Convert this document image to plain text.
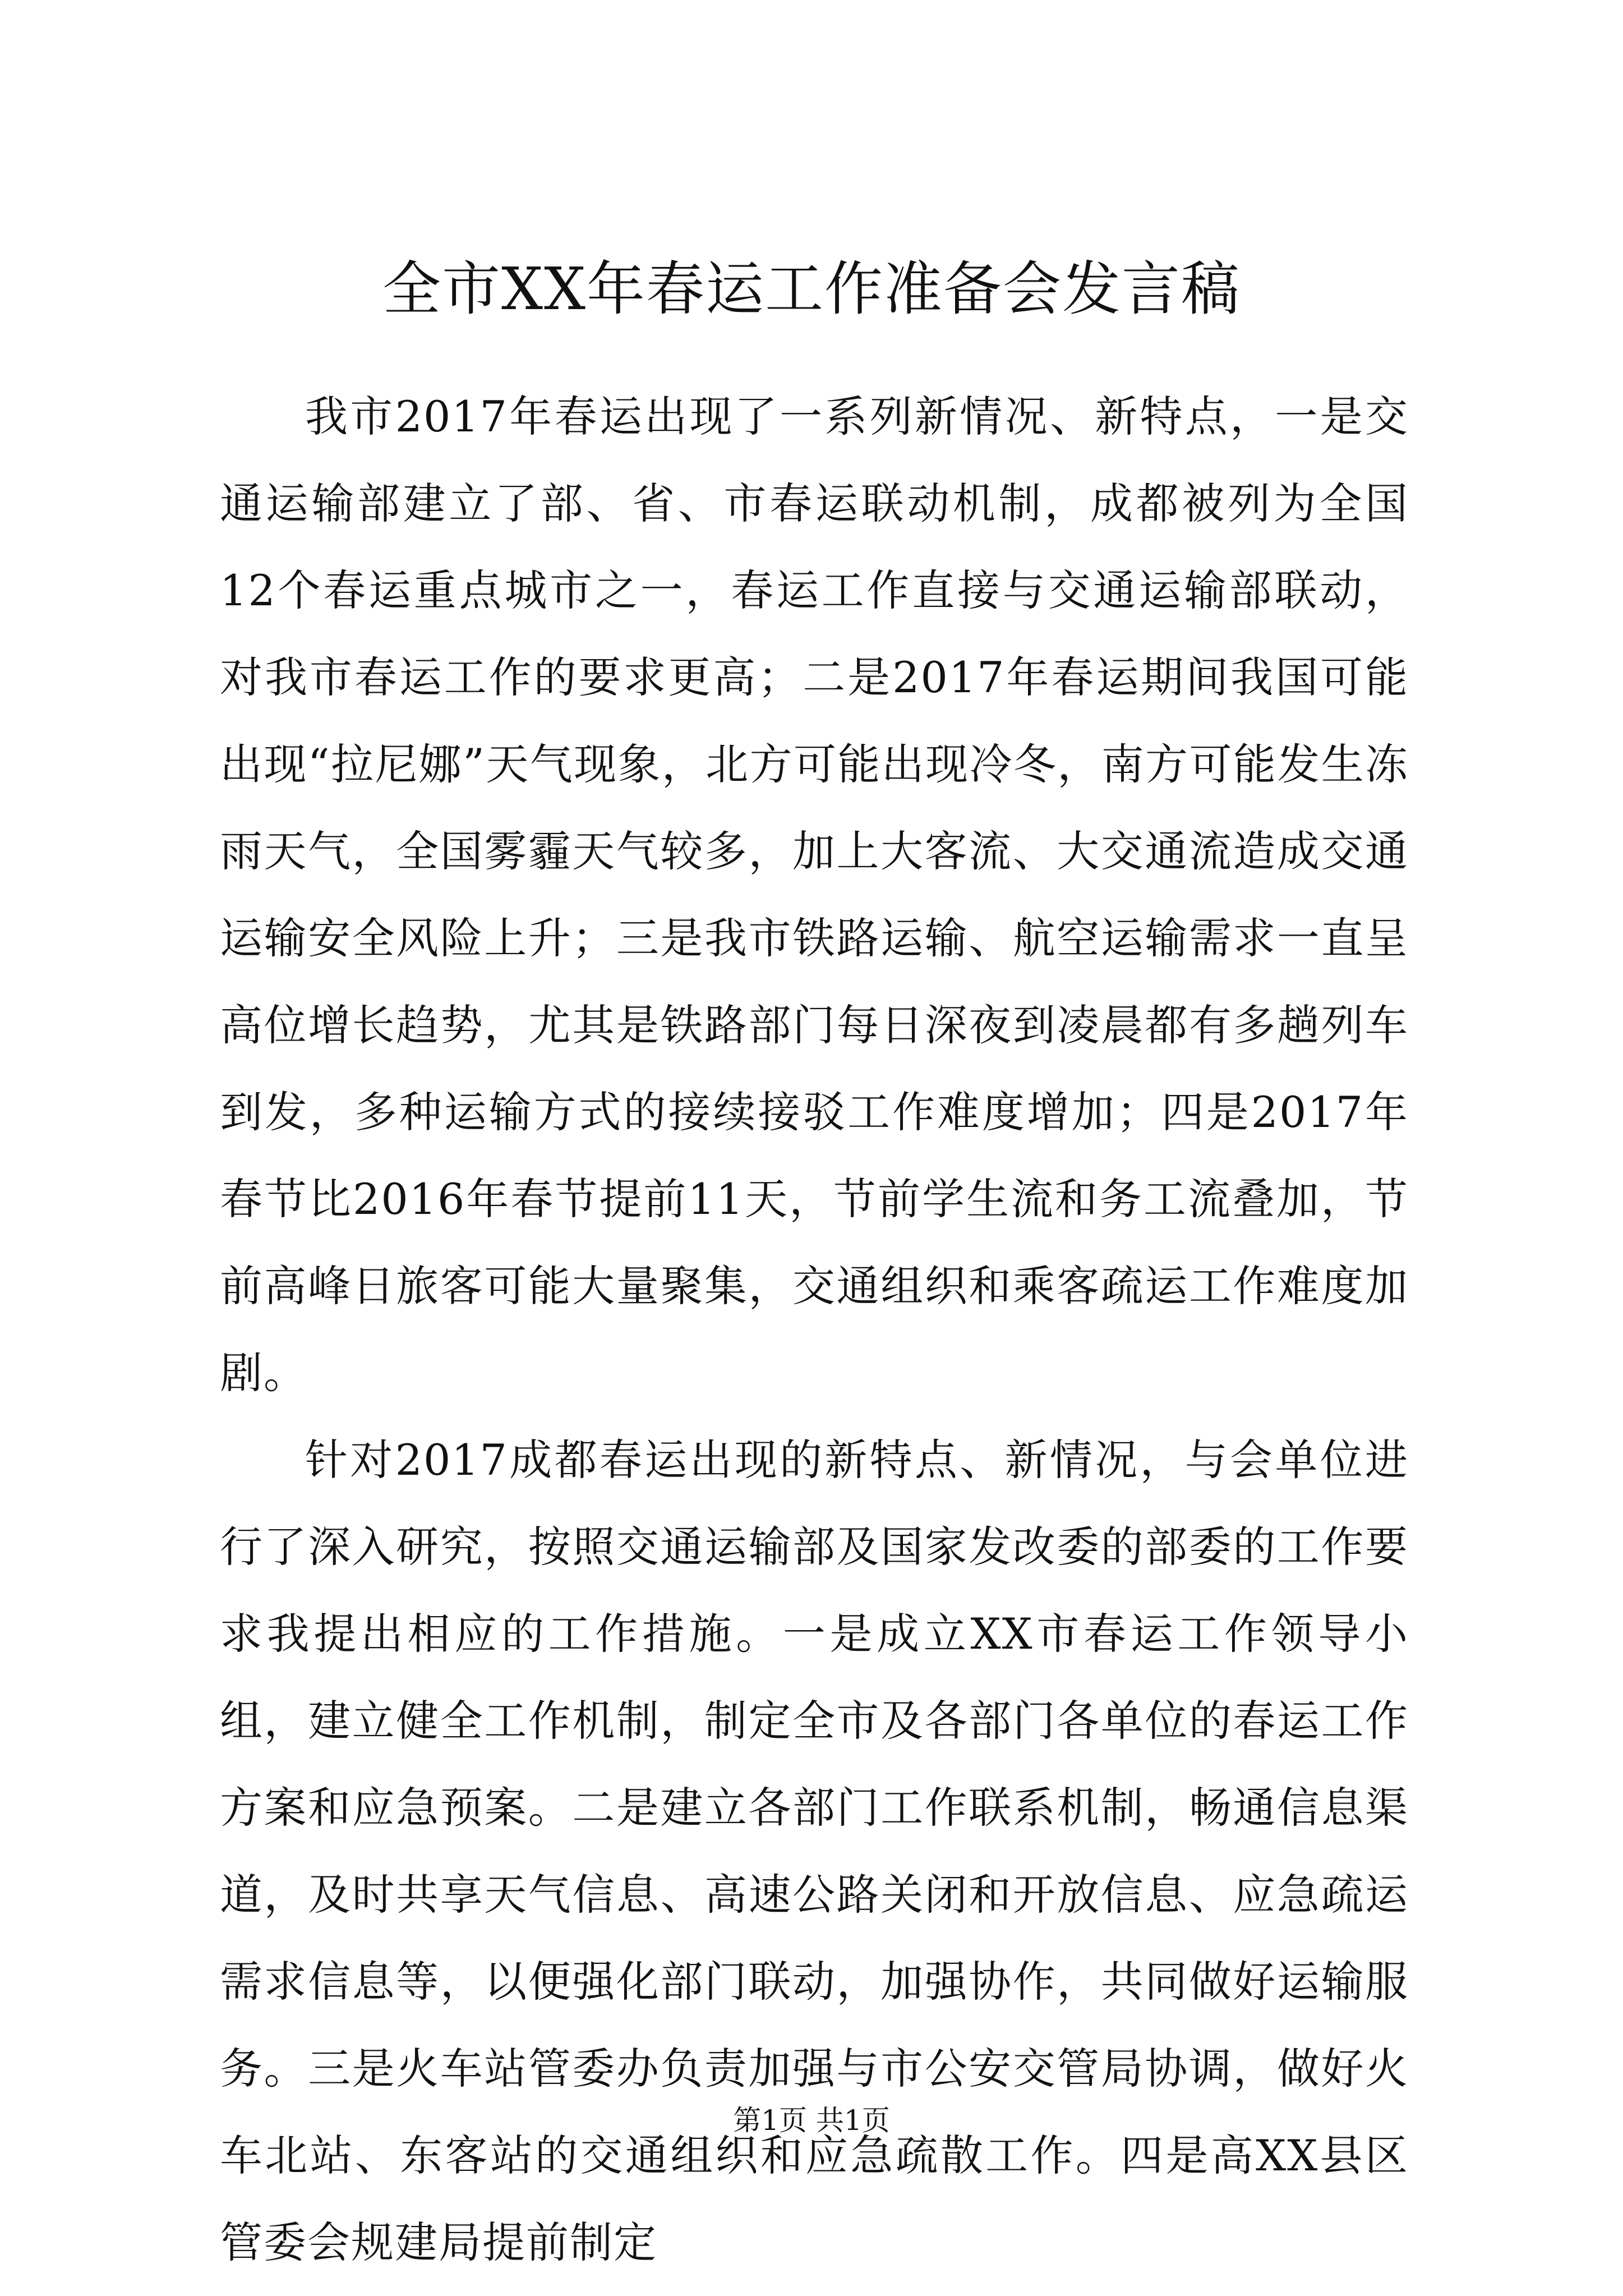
全市XX年春运工作准备会发言稿

我市2017年春运出现了一系列新情况、新特点，一是交通运输部建立了部、省、市春运联动机制，成都被列为全国12个春运重点城市之一，春运工作直接与交通运输部联动，对我市春运工作的要求更高；二是2017年春运期间我国可能出现“拉尼娜”天气现象，北方可能出现冷冬，南方可能发生冻雨天气，全国雾霾天气较多，加上大客流、大交通流造成交通运输安全风险上升；三是我市铁路运输、航空运输需求一直呈高位增长趋势，尤其是铁路部门每日深夜到凌晨都有多趟列车到发，多种运输方式的接续接驳工作难度增加；四是2017年春节比2016年春节提前11天，节前学生流和务工流叠加，节前高峰日旅客可能大量聚集，交通组织和乘客疏运工作难度加剧。

针对2017成都春运出现的新特点、新情况，与会单位进行了深入研究，按照交通运输部及国家发改委的部委的工作要求我提出相应的工作措施。一是成立XX市春运工作领导小组，建立健全工作机制，制定全市及各部门各单位的春运工作方案和应急预案。二是建立各部门工作联系机制，畅通信息渠道，及时共享天气信息、高速公路关闭和开放信息、应急疏运需求信息等，以便强化部门联动，加强协作，共同做好运输服务。三是火车站管委办负责加强与市公安交管局协调，做好火车北站、东客站的交通组织和应急疏散工作。四是高XX县区管委会规建局提前制定

第1页 共1页
